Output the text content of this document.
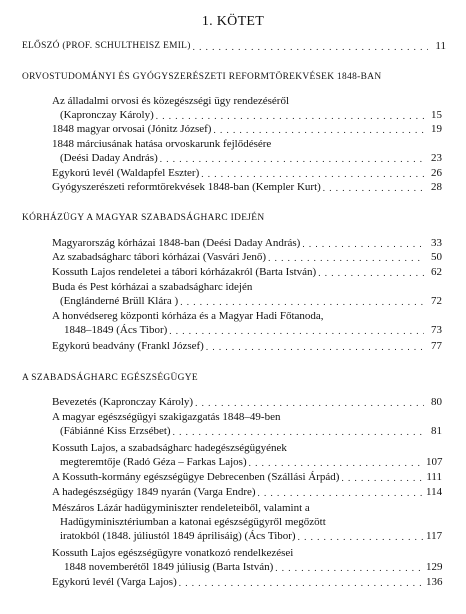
1. KÖTET
ELŐSZÓ (PROF. SCHULTHEISZ EMIL) . . .	11
ORVOSTUDOMÁNYI ÉS GYÓGYSZERÉSZETI REFORMTÖREKVÉSEK 1848-BAN
Az álladalmi orvosi és közegészségi ügy rendezéséről
(Kapronczay Károly) . . .	15
1848 magyar orvosai (Jónitz József) . . .	19
1848 márciusának hatása orvoskarunk fejlődésére
(Deési Daday András) . . .	23
Egykorú levél (Waldapfel Eszter) . . .	26
Gyógyszerészeti reformtörekvések 1848-ban (Kempler Kurt) . . .	28
KÓRHÁZÜGY A MAGYAR SZABADSÁGHARC IDEJÉN
Magyarország kórházai 1848-ban (Deési Daday András) . . .	33
Az szabadságharc tábori kórházai (Vasvári Jenő) . . .	50
Kossuth Lajos rendeletei a tábori kórházakról (Barta István) . . .	62
Buda és Pest kórházai a szabadságharc idején
(Englánderné Brüll Klára ) . . .	72
A honvédsereg központi kórháza és a Magyar Hadi Főtanoda,
1848–1849 (Ács Tibor) . . .	73
Egykorú beadvány (Frankl József) . . .	77
A SZABADSÁGHARC EGÉSZSÉGÜGYE
Bevezetés (Kapronczay Károly) . . .	80
A magyar egészségügyi szakigazgatás 1848–49-ben
(Fábiánné Kiss Erzsébet) . . .	81
Kossuth Lajos, a szabadságharc hadegészségügyének
megteremtője (Radó Géza – Farkas Lajos) . . .	107
A Kossuth-kormány egészségügye Debrecenben (Szállási Árpád) . . .	111
A hadegészségügy 1849 nyarán (Varga Endre) . . .	114
Mészáros Lázár hadügyminiszter rendeleteiből, valamint a
Hadügyminisztériumban a katonai egészségügyről megőzött
iratokból (1848. júliustól 1849 áprilisáig) (Ács Tibor) . . .	117
Kossuth Lajos egészségügyre vonatkozó rendelkezései
1848 novemberétől 1849 júliusig (Barta István) . . .	129
Egykorú levél (Varga Lajos) . . .	136
